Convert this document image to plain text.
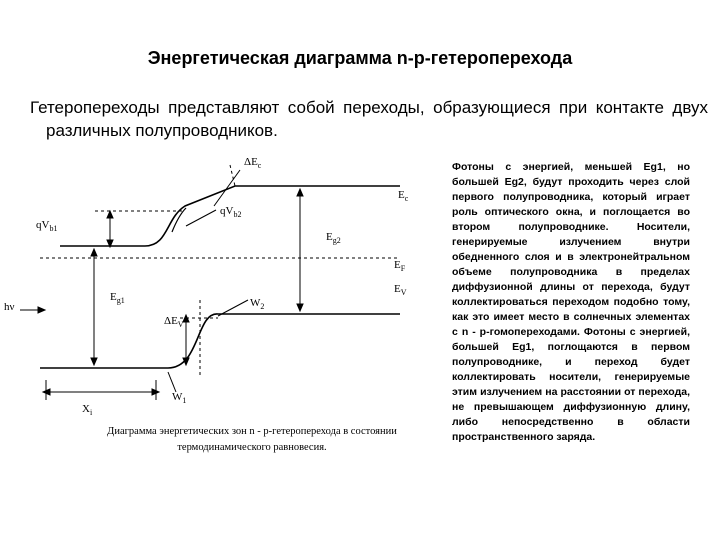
Энергетическая диаграмма n-p-гетероперехода
Гетеропереходы представляют собой переходы, образующиеся при контакте двух различных полупроводников.
$\Delta E_c$
$E_c$
$qV_{b2}$
$qV_{b1}$
$E_{g2}$
$E_F$
$E_V$
hν
$E_{g1}$	$W_2$
$\Delta E_V$
$X_i$
$W_1$
Диаграмма энергетических зон n - p-гетероперехода в состоянии
термодинамического равновесия.
Фотоны с энергией, меньшей Eg1, но большей Eg2, будут проходить через слой первого полупроводника, который играет роль оптического окна, и поглощается во втором полупроводнике. Носители, генерируемые излучением внутри обедненного слоя и в электронейтральном объеме полупроводника в пределах диффузионной длины от перехода, будут коллектироваться переходом подобно тому, как это имеет место в солнечных элементах с n - p-гомопереходами. Фотоны с энергией, большей Eg1, поглощаются в первом полупроводнике, и переход будет коллектировать носители, генерируемые этим излучением на расстоянии от перехода, не превышающем диффузионную длину, либо непосредственно в области пространственного заряда.
